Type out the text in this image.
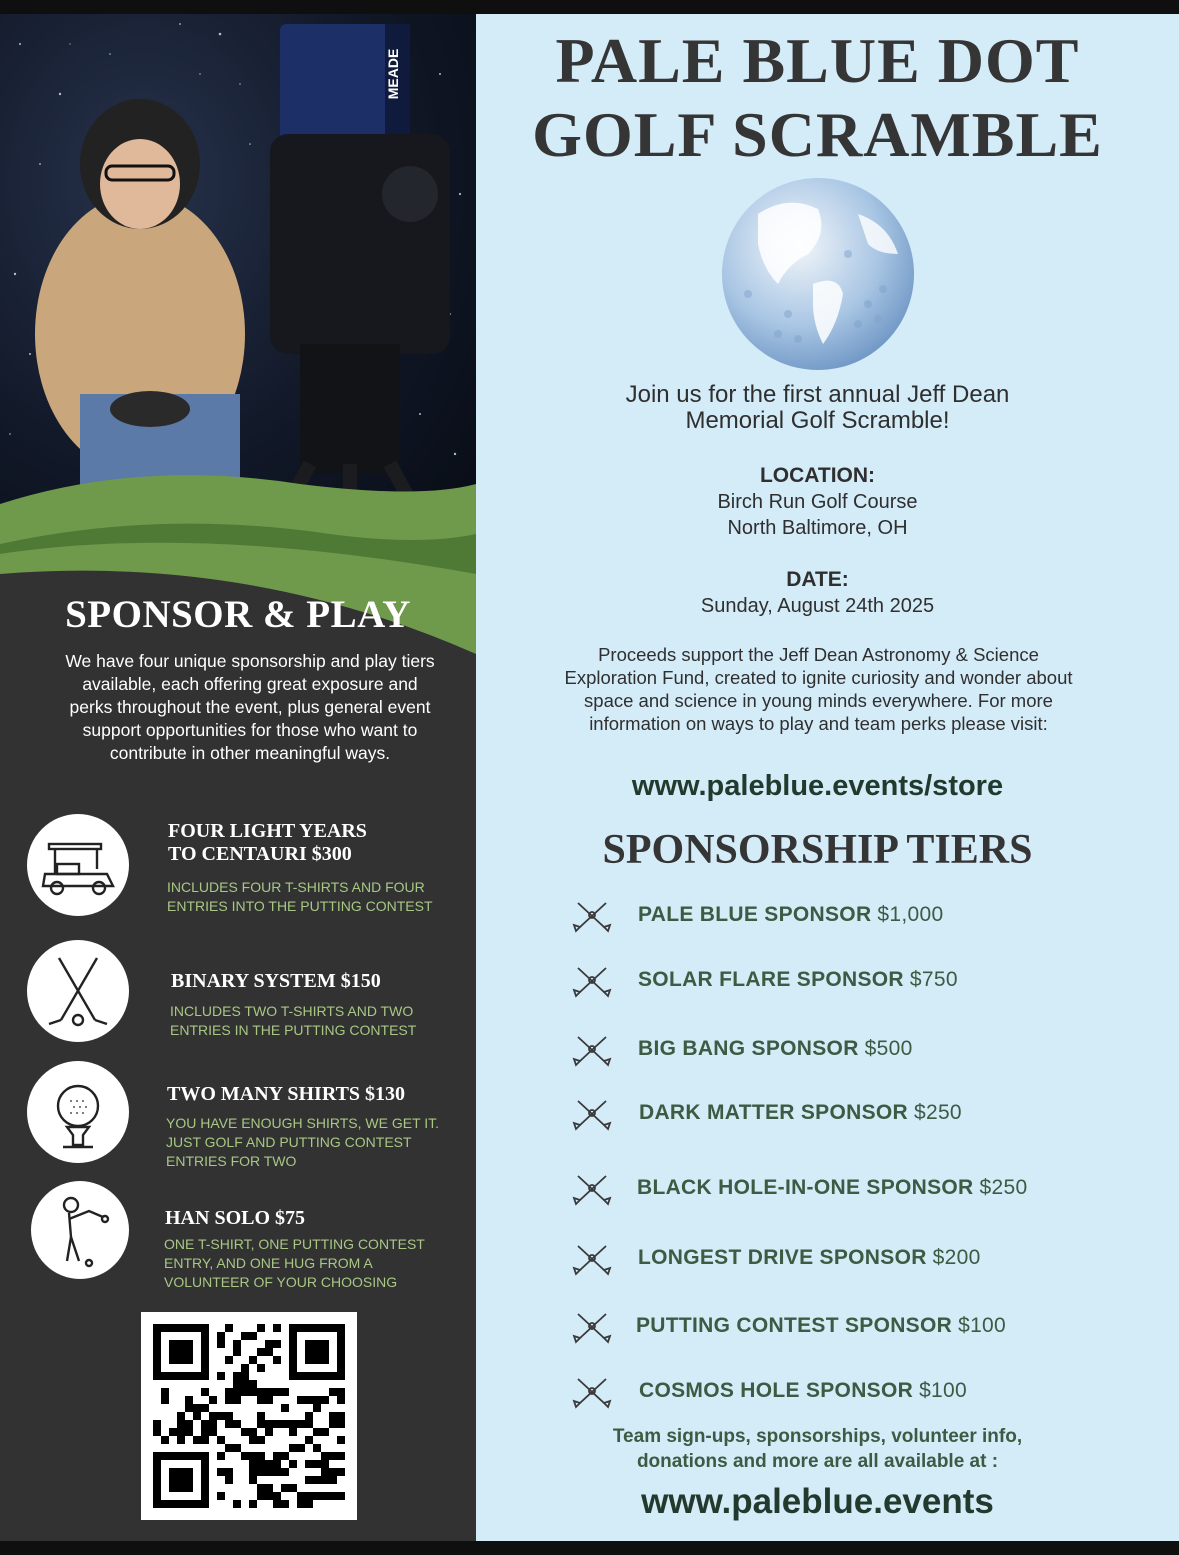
MEADE
SPONSOR & PLAY
We have four unique sponsorship and play tiers available, each offering great exposure and perks throughout the event, plus general event support opportunities for those who want to contribute in other meaningful ways.
FOUR LIGHT YEARS
TO CENTAURI $300
INCLUDES FOUR T-SHIRTS AND FOUR
ENTRIES INTO THE PUTTING CONTEST
BINARY SYSTEM $150
INCLUDES TWO T-SHIRTS AND TWO
ENTRIES IN THE PUTTING CONTEST
TWO MANY SHIRTS $130
YOU HAVE ENOUGH SHIRTS, WE GET IT.
JUST GOLF AND PUTTING CONTEST
ENTRIES FOR TWO
HAN SOLO $75
ONE T-SHIRT, ONE PUTTING CONTEST
ENTRY, AND ONE HUG FROM A
VOLUNTEER OF YOUR CHOOSING
PALE BLUE DOT
GOLF SCRAMBLE
Join us for the first annual Jeff Dean
Memorial Golf Scramble!
LOCATION:
Birch Run Golf Course
North Baltimore, OH
DATE:
Sunday, August 24th 2025
Proceeds support the Jeff Dean Astronomy & Science Exploration Fund, created to ignite curiosity and wonder about space and science in young minds everywhere. For more information on ways to play and team perks please visit:
www.paleblue.events/store
SPONSORSHIP TIERS
Team sign-ups, sponsorships, volunteer info,
donations and more are all available at :
www.paleblue.events
PALE BLUE SPONSOR $1,000
SOLAR FLARE SPONSOR $750
BIG BANG SPONSOR $500
DARK MATTER SPONSOR $250
BLACK HOLE-IN-ONE SPONSOR $250
LONGEST DRIVE SPONSOR $200
PUTTING CONTEST SPONSOR $100
COSMOS HOLE SPONSOR $100
